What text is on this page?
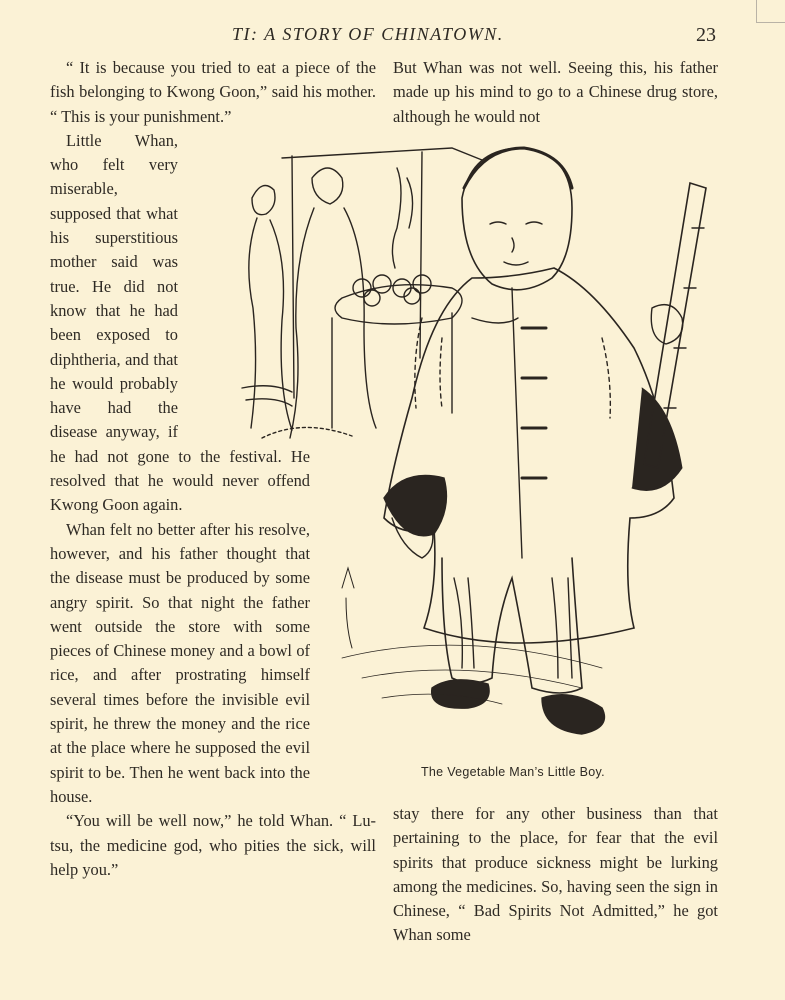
TI: A STORY OF CHINATOWN.	23

“ It is because you tried to eat a piece of the fish belonging to Kwong Goon,” said his mother. “ This is your punishment.”

Little Whan, who felt very miserable, supposed that what his superstitious mother said was true. He did not know that he had been exposed to diphtheria, and that he would probably have had the disease anyway, if he had not gone to the festival. He resolved that he would never offend Kwong Goon again.

Whan felt no better after his resolve, however, and his father thought that the disease must be produced by some angry spirit. So that night the father went outside the store with some pieces of Chinese money and a bowl of rice, and after prostrating himself several times before the invisible evil spirit, he threw the money and the rice at the place where he supposed the evil spirit to be. Then he went back into the house.

“You will be well now,” he told Whan. “ Lu-tsu, the medicine god, who pities the sick, will help you.”

But Whan was not well. Seeing this, his father made up his mind to go to a Chinese drug store, although he would not

stay there for any other business than that pertaining to the place, for fear that the evil spirits that produce sickness might be lurking among the medicines. So, having seen the sign in Chinese, “ Bad Spirits Not Admitted,” he got Whan some

The Vegetable Man’s Little Boy.
